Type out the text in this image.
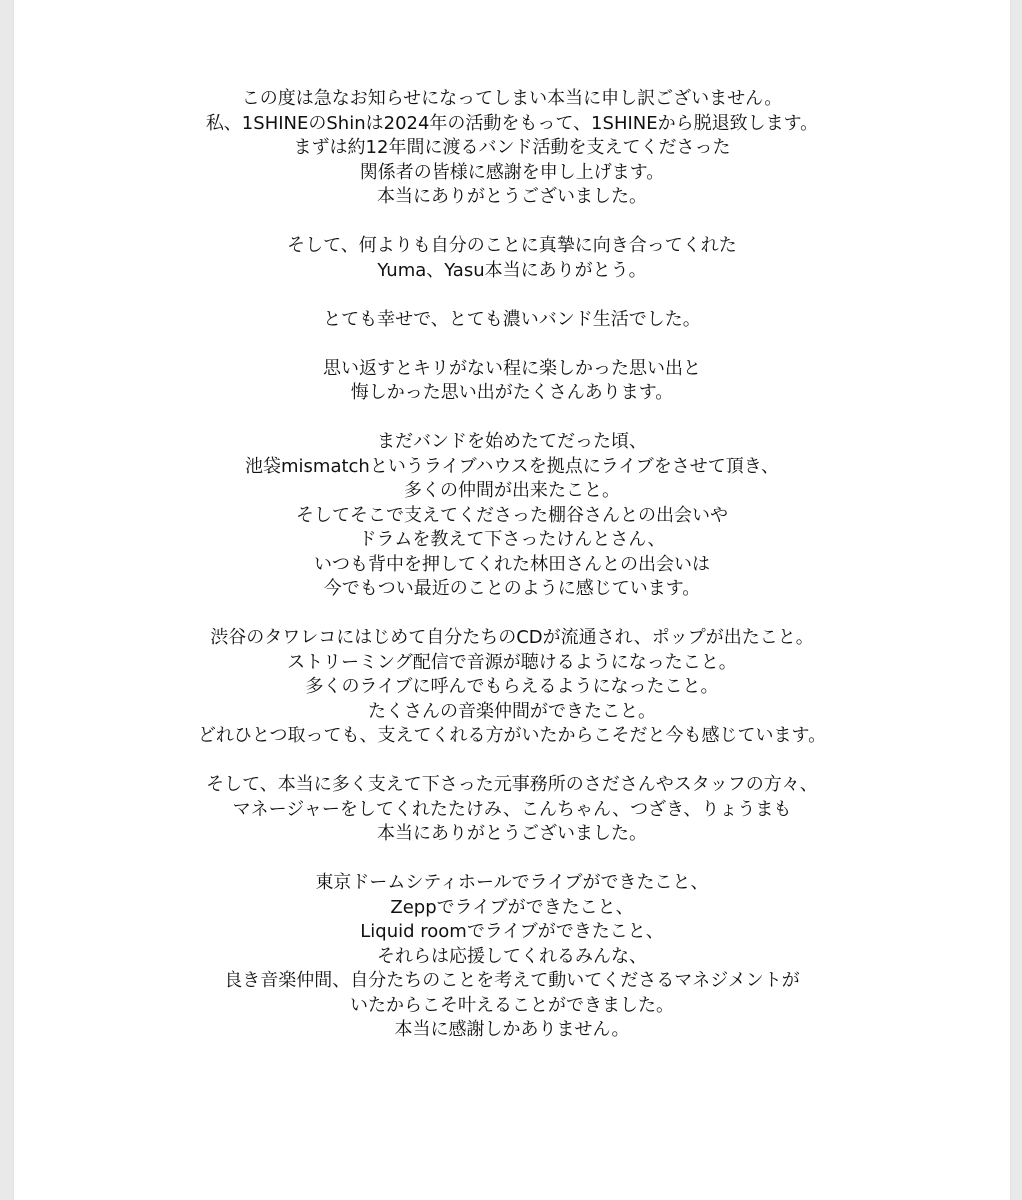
この度は急なお知らせになってしまい本当に申し訳ございません。
私、1SHINEのShinは2024年の活動をもって、1SHINEから脱退致します。
まずは約12年間に渡るバンド活動を支えてくださった
関係者の皆様に感謝を申し上げます。
本当にありがとうございました。

そして、何よりも自分のことに真摯に向き合ってくれた
Yuma、Yasu本当にありがとう。

とても幸せで、とても濃いバンド生活でした。

思い返すとキリがない程に楽しかった思い出と
悔しかった思い出がたくさんあります。

まだバンドを始めたてだった頃、
池袋mismatchというライブハウスを拠点にライブをさせて頂き、
多くの仲間が出来たこと。
そしてそこで支えてくださった棚谷さんとの出会いや
ドラムを教えて下さったけんとさん、
いつも背中を押してくれた林田さんとの出会いは
今でもつい最近のことのように感じています。

渋谷のタワレコにはじめて自分たちのCDが流通され、ポップが出たこと。
ストリーミング配信で音源が聴けるようになったこと。
多くのライブに呼んでもらえるようになったこと。
たくさんの音楽仲間ができたこと。
どれひとつ取っても、支えてくれる方がいたからこそだと今も感じています。

そして、本当に多く支えて下さった元事務所のさださんやスタッフの方々、
マネージャーをしてくれたたけみ、こんちゃん、つざき、りょうまも
本当にありがとうございました。

東京ドームシティホールでライブができたこと、
Zeppでライブができたこと、
Liquid roomでライブができたこと、
それらは応援してくれるみんな、
良き音楽仲間、自分たちのことを考えて動いてくださるマネジメントが
いたからこそ叶えることができました。
本当に感謝しかありません。
